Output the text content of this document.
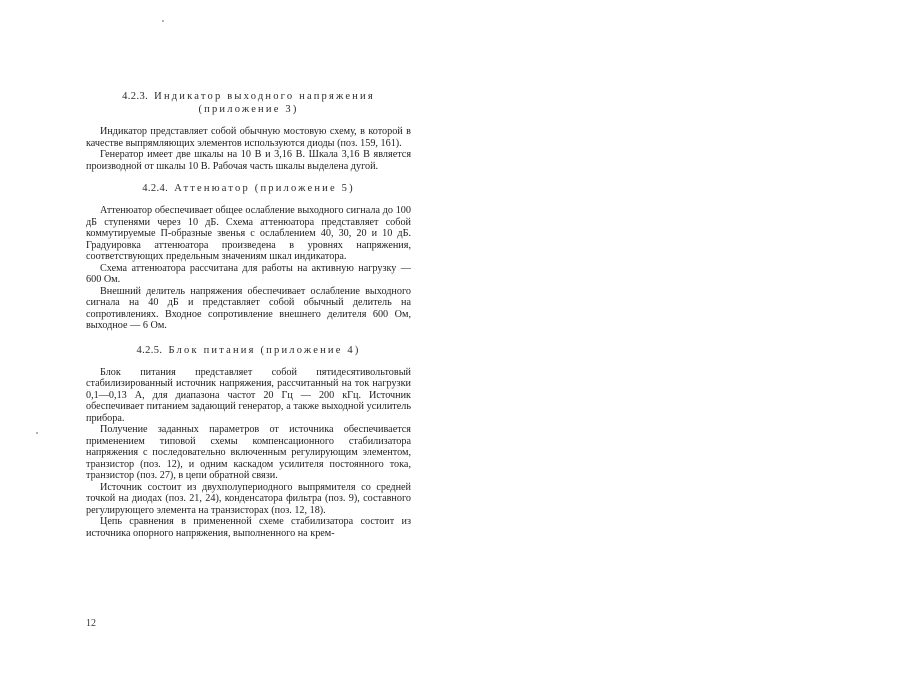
4.2.3. Индикатор выходного напряжения
(приложение 3)

Индикатор представляет собой обычную мостовую схему, в которой в качестве выпрямляющих элементов используются диоды (поз. 159, 161).

Генератор имеет две шкалы на 10 В и 3,16 В. Шкала 3,16 В является производной от шкалы 10 В. Рабочая часть шкалы выделена дугой.

4.2.4. Аттенюатор (приложение 5)

Аттенюатор обеспечивает общее ослабление выходного сигнала до 100 дБ ступенями через 10 дБ. Схема аттенюатора представляет собой коммутируемые П-образные звенья с ослаблением 40, 30, 20 и 10 дБ. Градуировка аттенюатора произведена в уровнях напряжения, соответствующих предельным значениям шкал индикатора.

Схема аттенюатора рассчитана для работы на активную нагрузку — 600 Ом.

Внешний делитель напряжения обеспечивает ослабление выходного сигнала на 40 дБ и представляет собой обычный делитель на сопротивлениях. Входное сопротивление внешнего делителя 600 Ом, выходное — 6 Ом.

4.2.5. Блок питания (приложение 4)

Блок питания представляет собой пятидесятивольтовый стабилизированный источник напряжения, рассчитанный на ток нагрузки 0,1—0,13 А, для диапазона частот 20 Гц — 200 кГц. Источник обеспечивает питанием задающий генератор, а также выходной усилитель прибора.

Получение заданных параметров от источника обеспечивается применением типовой схемы компенсационного стабилизатора напряжения с последовательно включенным регулирующим элементом, транзистор (поз. 12), и одним каскадом усилителя постоянного тока, транзистор (поз. 27), в цепи обратной связи.

Источник состоит из двухполупериодного выпрямителя со средней точкой на диодах (поз. 21, 24), конденсатора фильтра (поз. 9), составного регулирующего элемента на транзисторах (поз. 12, 18).

Цепь сравнения в примененной схеме стабилизатора состоит из источника опорного напряжения, выполненного на крем-

12
